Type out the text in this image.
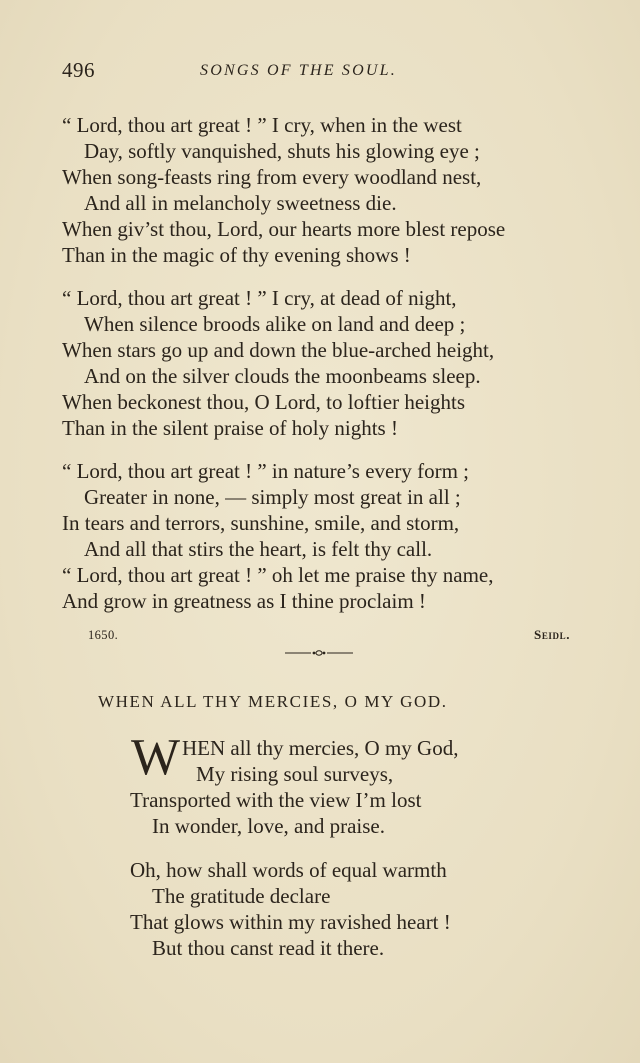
496	SONGS OF THE SOUL.
“ Lord, thou art great ! ” I cry, when in the west
Day, softly vanquished, shuts his glowing eye ;
When song-feasts ring from every woodland nest,
And all in melancholy sweetness die.
When giv’st thou, Lord, our hearts more blest repose
Than in the magic of thy evening shows !
“ Lord, thou art great ! ” I cry, at dead of night,
When silence broods alike on land and deep ;
When stars go up and down the blue-arched height,
And on the silver clouds the moonbeams sleep.
When beckonest thou, O Lord, to loftier heights
Than in the silent praise of holy nights !
“ Lord, thou art great ! ” in nature’s every form ;
Greater in none, — simply most great in all ;
In tears and terrors, sunshine, smile, and storm,
And all that stirs the heart, is felt thy call.
“ Lord, thou art great ! ” oh let me praise thy name,
And grow in greatness as I thine proclaim !
1650.	Seidl.
WHEN ALL THY MERCIES, O MY GOD.
W HEN all thy mercies, O my God,
My rising soul surveys,
Transported with the view I’m lost
In wonder, love, and praise.
Oh, how shall words of equal warmth
The gratitude declare
That glows within my ravished heart !
But thou canst read it there.
